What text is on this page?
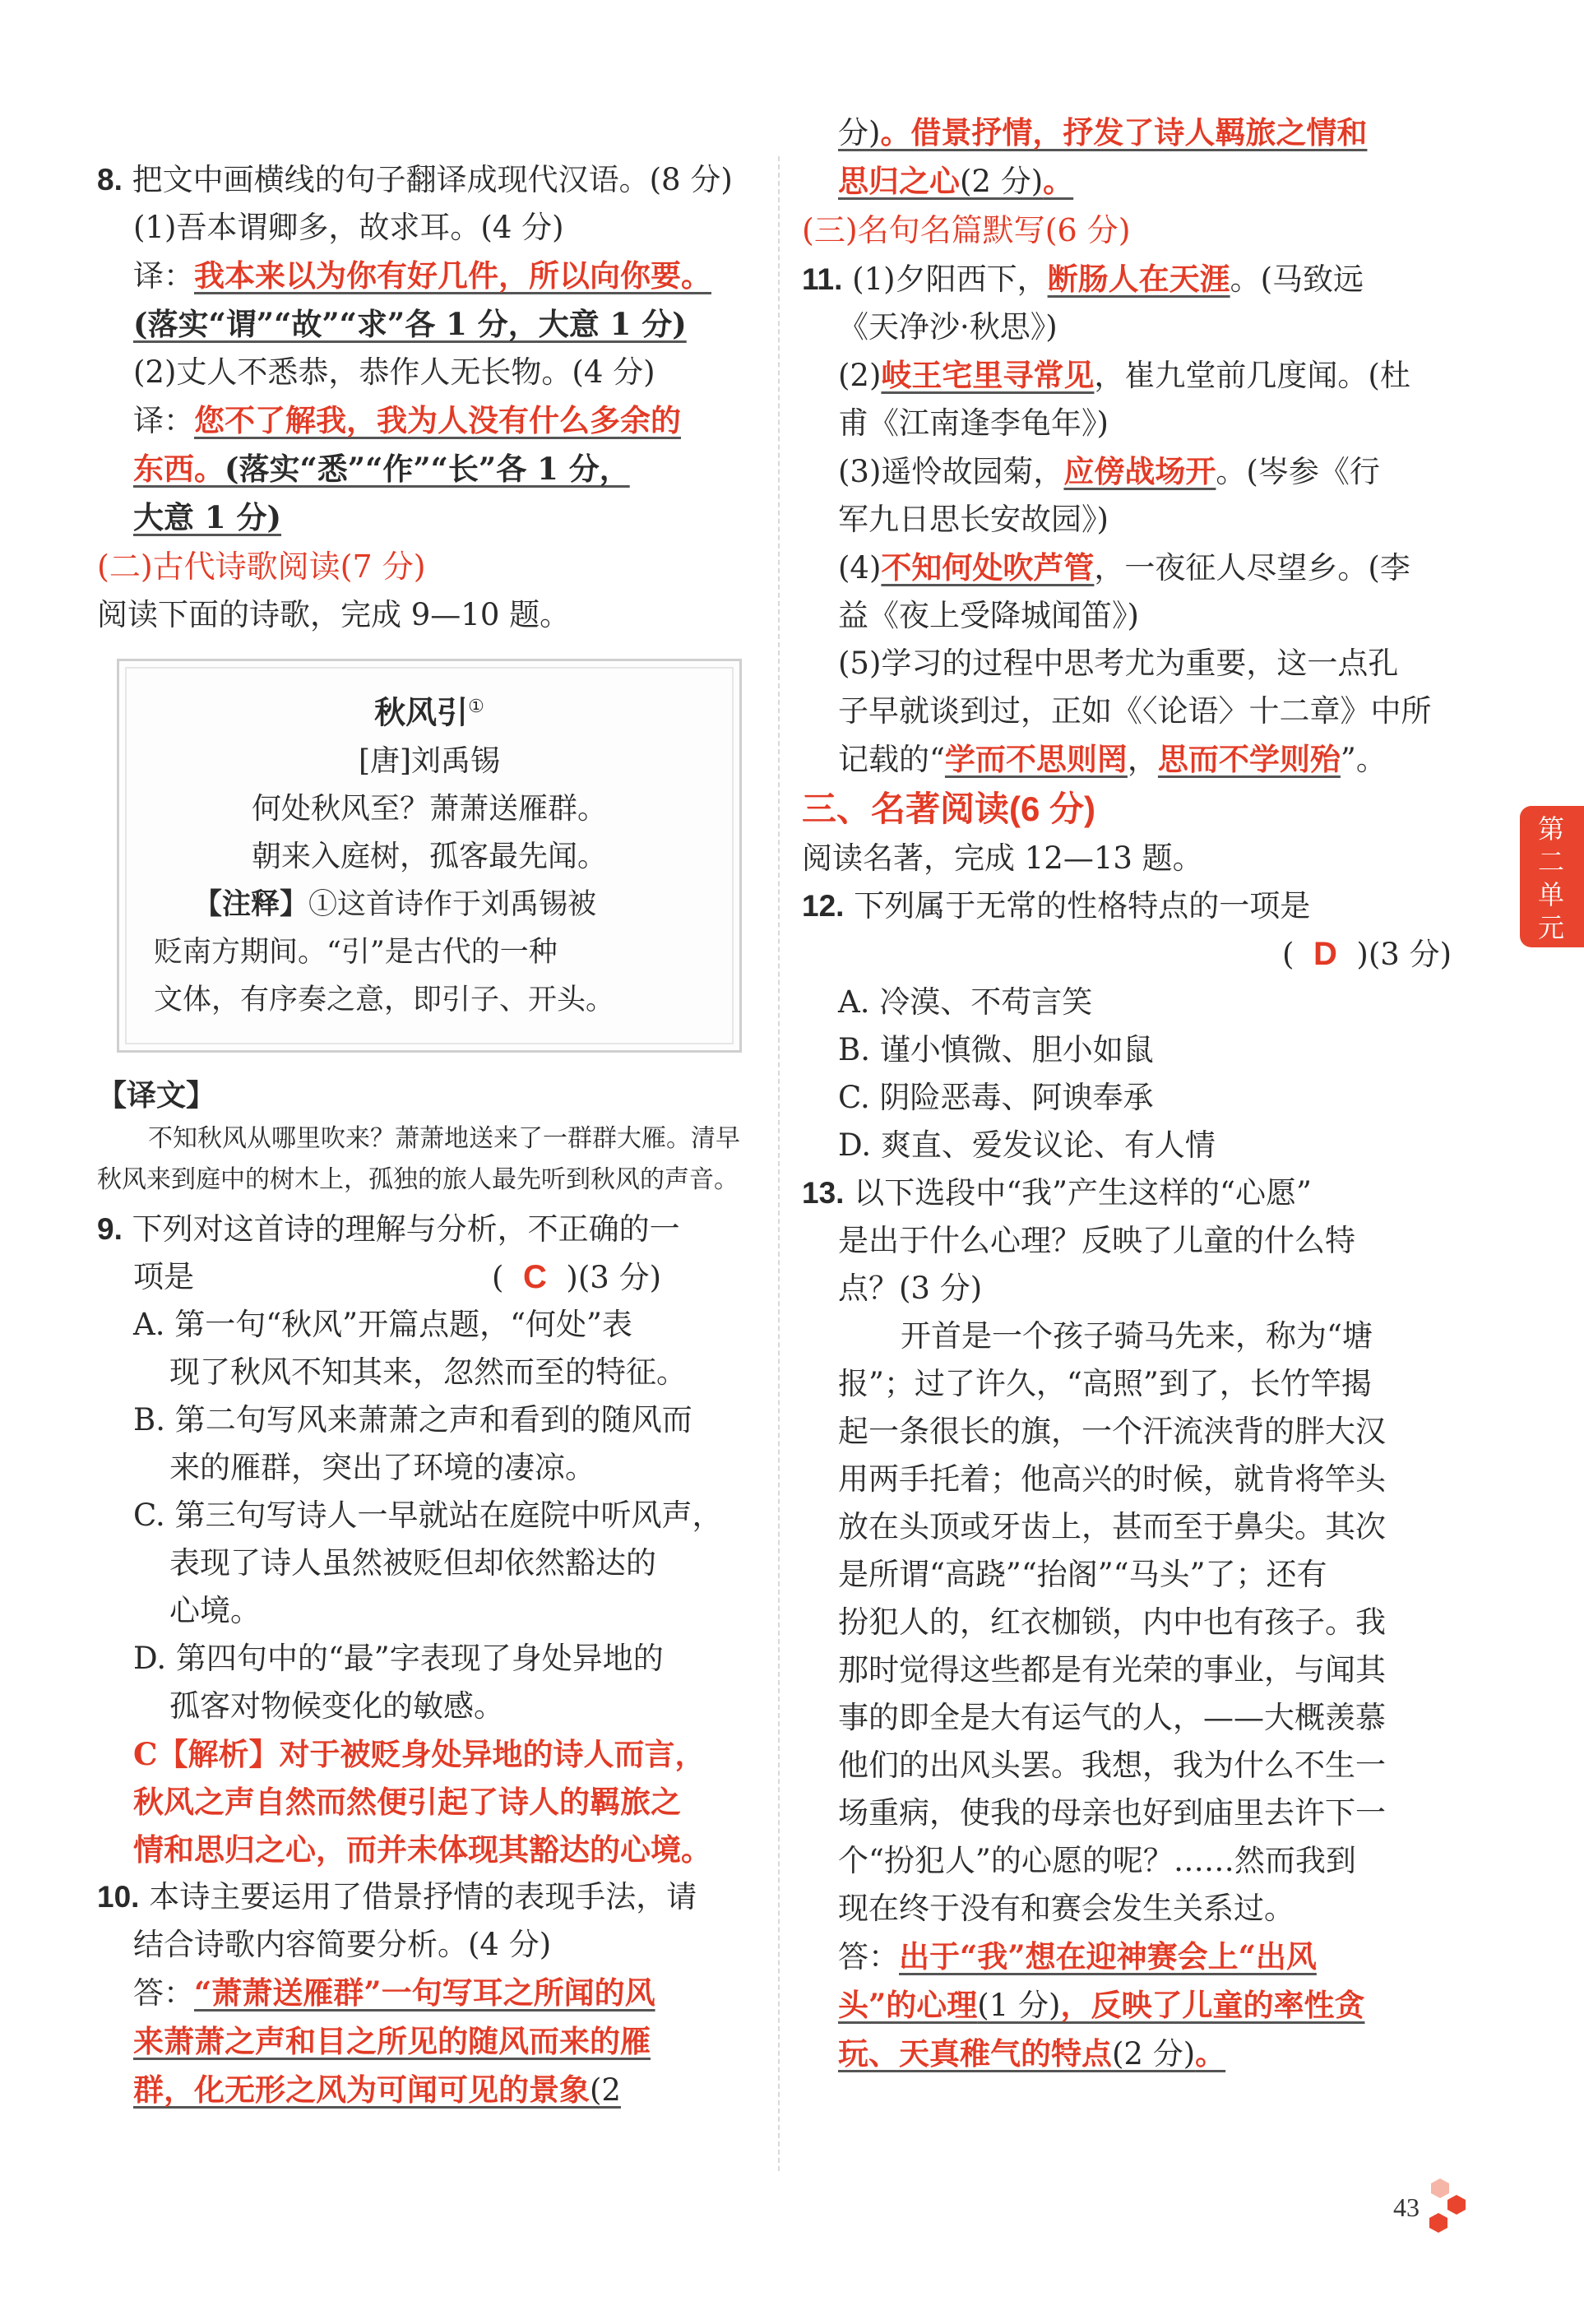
8. 把文中画横线的句子翻译成现代汉语。(8 分)
(1)吾本谓卿多，故求耳。(4 分)
译：我本来以为你有好几件，所以向你要。
(落实“谓”“故”“求”各 1 分，大意 1 分)
(2)丈人不悉恭，恭作人无长物。(4 分)
译：您不了解我，我为人没有什么多余的
东西。(落实“悉”“作”“长”各 1 分，
大意 1 分)
(二)古代诗歌阅读(7 分)
阅读下面的诗歌，完成 9—10 题。
秋风引①
[唐]刘禹锡
何处秋风至？萧萧送雁群。
朝来入庭树，孤客最先闻。
【注释】①这首诗作于刘禹锡被
贬南方期间。“引”是古代的一种
文体，有序奏之意，即引子、开头。
【译文】
不知秋风从哪里吹来？萧萧地送来了一群群大雁。清早秋风来到庭中的树木上，孤独的旅人最先听到秋风的声音。
9. 下列对这首诗的理解与分析，不正确的一
项是	( C )(3 分)
A. 第一句“秋风”开篇点题，“何处”表
现了秋风不知其来，忽然而至的特征。
B. 第二句写风来萧萧之声和看到的随风而
来的雁群，突出了环境的凄凉。
C. 第三句写诗人一早就站在庭院中听风声，
表现了诗人虽然被贬但却依然豁达的
心境。
D. 第四句中的“最”字表现了身处异地的
孤客对物候变化的敏感。
C【解析】对于被贬身处异地的诗人而言，
秋风之声自然而然便引起了诗人的羁旅之
情和思归之心，而并未体现其豁达的心境。
10. 本诗主要运用了借景抒情的表现手法，请
结合诗歌内容简要分析。(4 分)
答：“萧萧送雁群”一句写耳之所闻的风
来萧萧之声和目之所见的随风而来的雁
群，化无形之风为可闻可见的景象(2
分)。借景抒情，抒发了诗人羁旅之情和
思归之心(2 分)。
(三)名句名篇默写(6 分)
11. (1)夕阳西下，断肠人在天涯。(马致远
《天净沙·秋思》)
(2)岐王宅里寻常见，崔九堂前几度闻。(杜
甫《江南逢李龟年》)
(3)遥怜故园菊，应傍战场开。(岑参《行
军九日思长安故园》)
(4)不知何处吹芦管，一夜征人尽望乡。(李
益《夜上受降城闻笛》)
(5)学习的过程中思考尤为重要，这一点孔
子早就谈到过，正如《〈论语〉十二章》中所
记载的“学而不思则罔，思而不学则殆”。
三、名著阅读(6 分)
阅读名著，完成 12—13 题。
12. 下列属于无常的性格特点的一项是
( D )(3 分)
A. 冷漠、不苟言笑
B. 谨小慎微、胆小如鼠
C. 阴险恶毒、阿谀奉承
D. 爽直、爱发议论、有人情
13. 以下选段中“我”产生这样的“心愿”
是出于什么心理？反映了儿童的什么特
点？(3 分)
开首是一个孩子骑马先来，称为“塘
报”；过了许久，“高照”到了，长竹竿揭
起一条很长的旗，一个汗流浃背的胖大汉
用两手托着；他高兴的时候，就肯将竿头
放在头顶或牙齿上，甚而至于鼻尖。其次
是所谓“高跷”“抬阁”“马头”了；还有
扮犯人的，红衣枷锁，内中也有孩子。我
那时觉得这些都是有光荣的事业，与闻其
事的即全是大有运气的人，——大概羡慕
他们的出风头罢。我想，我为什么不生一
场重病，使我的母亲也好到庙里去许下一
个“扮犯人”的心愿的呢？……然而我到
现在终于没有和赛会发生关系过。
答：出于“我”想在迎神赛会上“出风
头”的心理(1 分)，反映了儿童的率性贪
玩、天真稚气的特点(2 分)。
第
二
单
元
43
